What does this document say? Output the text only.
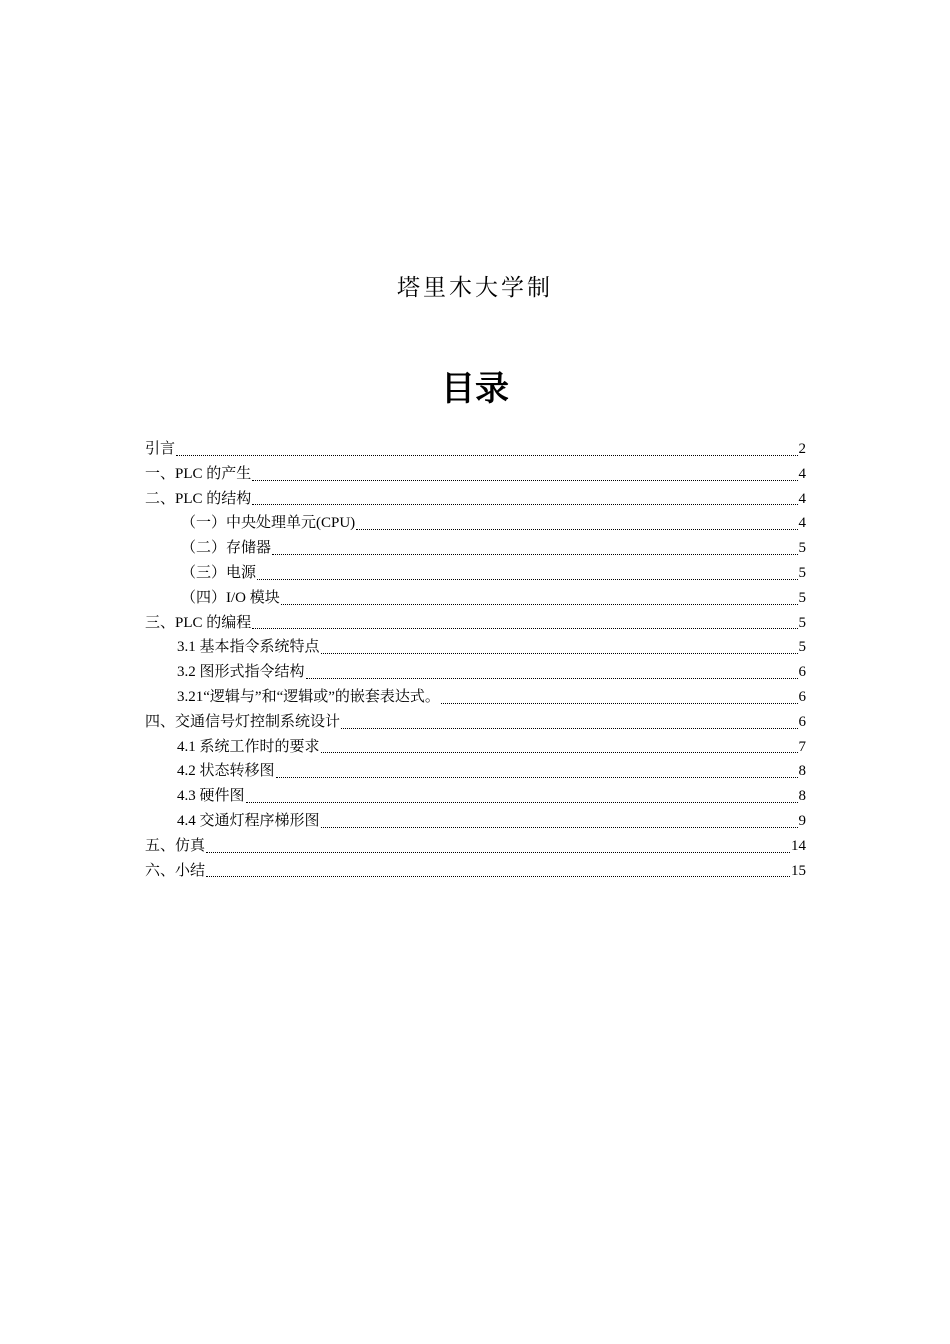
塔里木大学制
目录
引言	2
一、PLC 的产生	4
二、PLC 的结构	4
（一）中央处理单元(CPU)	4
（二）存储器	5
（三）电源	5
（四）I/O 模块	5
三、PLC 的编程	5
3.1 基本指令系统特点	5
3.2 图形式指令结构	6
3.21“逻辑与”和“逻辑或”的嵌套表达式。	6
四、交通信号灯控制系统设计	6
4.1 系统工作时的要求	7
4.2 状态转移图	8
4.3 硬件图	8
4.4 交通灯程序梯形图	9
五、仿真	14
六、小结	15
